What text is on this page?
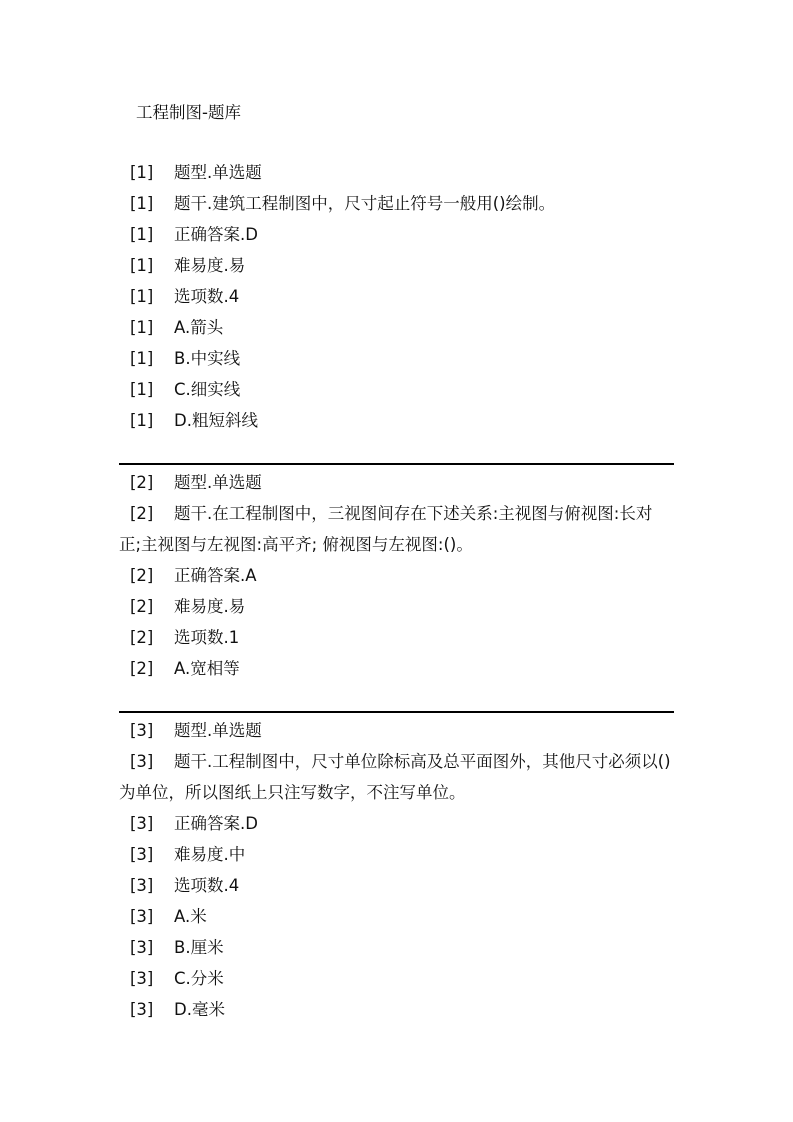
工程制图-题库
[1] 题型.单选题
[1] 题干.建筑工程制图中，尺寸起止符号一般用()绘制。
[1] 正确答案.D
[1] 难易度.易
[1] 选项数.4
[1] A.箭头
[1] B.中实线
[1] C.细实线
[1] D.粗短斜线
[2] 题型.单选题
[2] 题干.在工程制图中，三视图间存在下述关系:主视图与俯视图:长对正;主视图与左视图:高平齐; 俯视图与左视图:()。
[2] 正确答案.A
[2] 难易度.易
[2] 选项数.1
[2] A.宽相等
[3] 题型.单选题
[3] 题干.工程制图中，尺寸单位除标高及总平面图外，其他尺寸必须以() 为单位，所以图纸上只注写数字，不注写单位。
[3] 正确答案.D
[3] 难易度.中
[3] 选项数.4
[3] A.米
[3] B.厘米
[3] C.分米
[3] D.毫米
